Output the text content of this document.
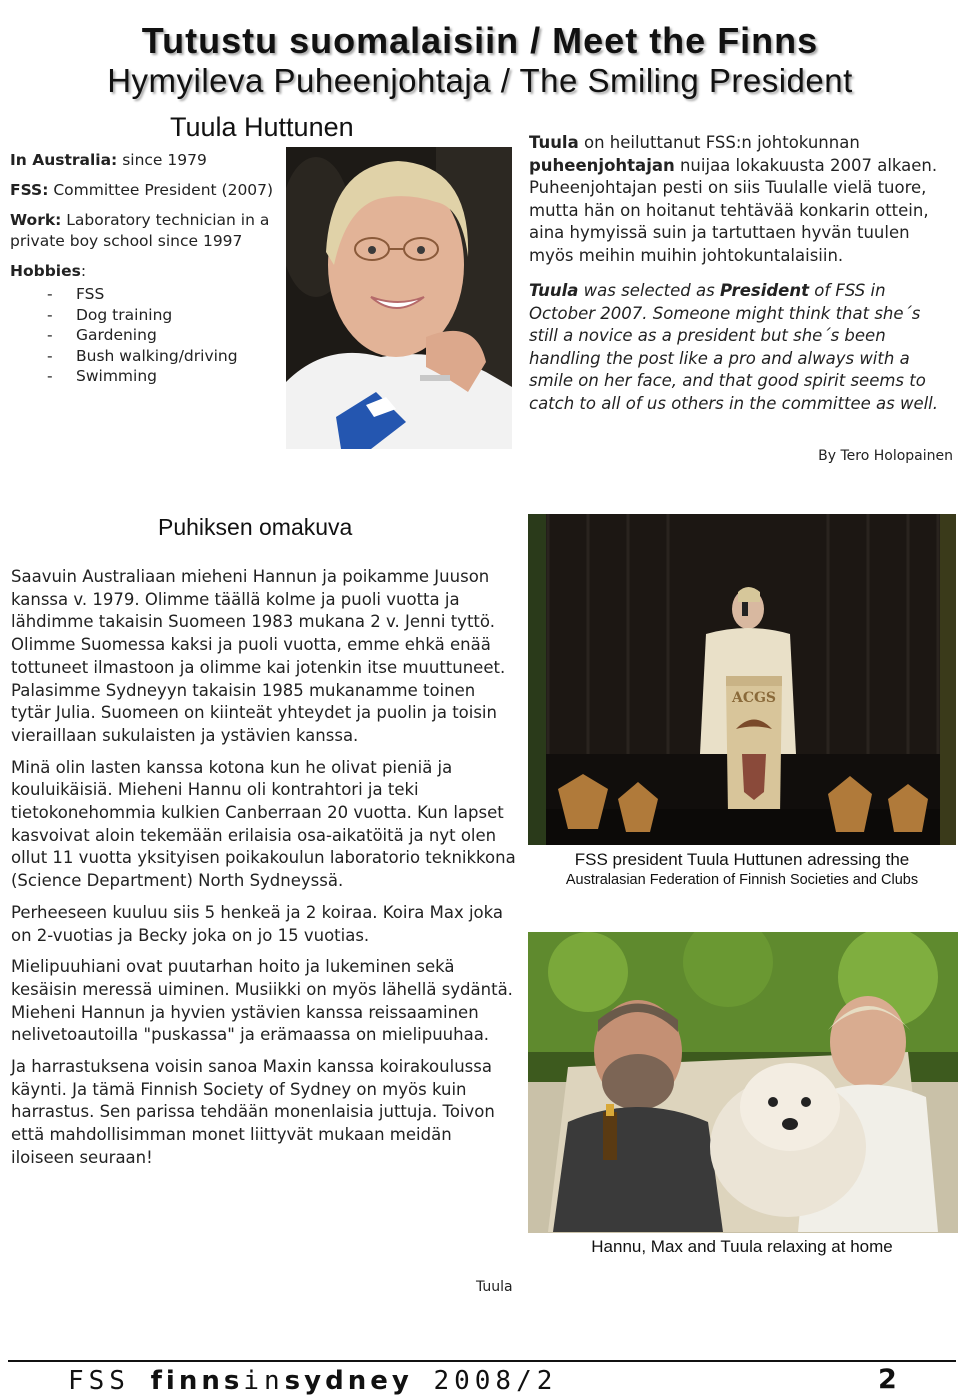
Tutustu suomalaisiin / Meet the Finns
Hymyileva Puheenjohtaja / The Smiling President
Tuula Huttunen
In Australia: since 1979
FSS: Committee President (2007)
Work: Laboratory technician in a private boy school since 1997
Hobbies:
- FSS
- Dog training
- Gardening
- Bush walking/driving
- Swimming
Tuula on heiluttanut FSS:n johtokunnan puheenjohtajan nuijaa lokakuusta 2007 alkaen. Puheenjohtajan pesti on siis Tuulalle vielä tuore, mutta hän on hoitanut tehtävää konkarin ottein, aina hymyissä suin ja tartuttaen hyvän tuulen myös meihin muihin johtokuntalaisiin.
Tuula was selected as President of FSS in October 2007. Someone might think that she´s still a novice as a president but she´s been handling the post like a pro and always with a smile on her face, and that good spirit seems to catch to all of us others in the committee as well.
By Tero Holopainen
Puhiksen omakuva

Saavuin Australiaan mieheni Hannun ja poikamme Juuson kanssa v. 1979. Olimme täällä kolme ja puoli vuotta ja lähdimme takaisin Suomeen 1983 mukana 2 v. Jenni tyttö. Olimme Suomessa kaksi ja puoli vuotta, emme ehkä enää tottuneet ilmastoon ja olimme kai jotenkin itse muuttuneet. Palasimme Sydneyyn takaisin 1985 mukanamme toinen tytär Julia. Suomeen on kiinteät yhteydet ja puolin ja toisin vieraillaan sukulaisten ja ystävien kanssa.

Minä olin lasten kanssa kotona kun he olivat pieniä ja kouluikäisiä. Mieheni Hannu oli kontrahtori ja teki tietokonehommia kulkien Canberraan 20 vuotta. Kun lapset kasvoivat aloin tekemään erilaisia osa-aikatöitä ja nyt olen ollut 11 vuotta yksityisen poikakoulun laboratorio teknikkona (Science Department) North Sydneyssä.

Perheeseen kuuluu siis 5 henkeä ja 2 koiraa. Koira Max joka on 2-vuotias ja Becky joka on jo 15 vuotias.

Mielipuuhiani ovat puutarhan hoito ja lukeminen sekä kesäisin meressä uiminen. Musiikki on myös lähellä sydäntä. Mieheni Hannun ja hyvien ystävien kanssa reissaaminen nelivetoautoilla "puskassa" ja erämaassa on mielipuuhaa.

Ja harrastuksena voisin sanoa Maxin kanssa koirakoulussa käynti. Ja tämä Finnish Society of Sydney on myös kuin harrastus. Sen parissa tehdään monenlaisia juttuja. Toivon että mahdollisimman monet liittyvät mukaan meidän iloiseen seuraan!

ACGS
FSS president Tuula Huttunen adressing the
Australasian Federation of Finnish Societies and Clubs
Hannu, Max and Tuula relaxing at home
Tuula
FSS finnsinsydney 2008/2	2
